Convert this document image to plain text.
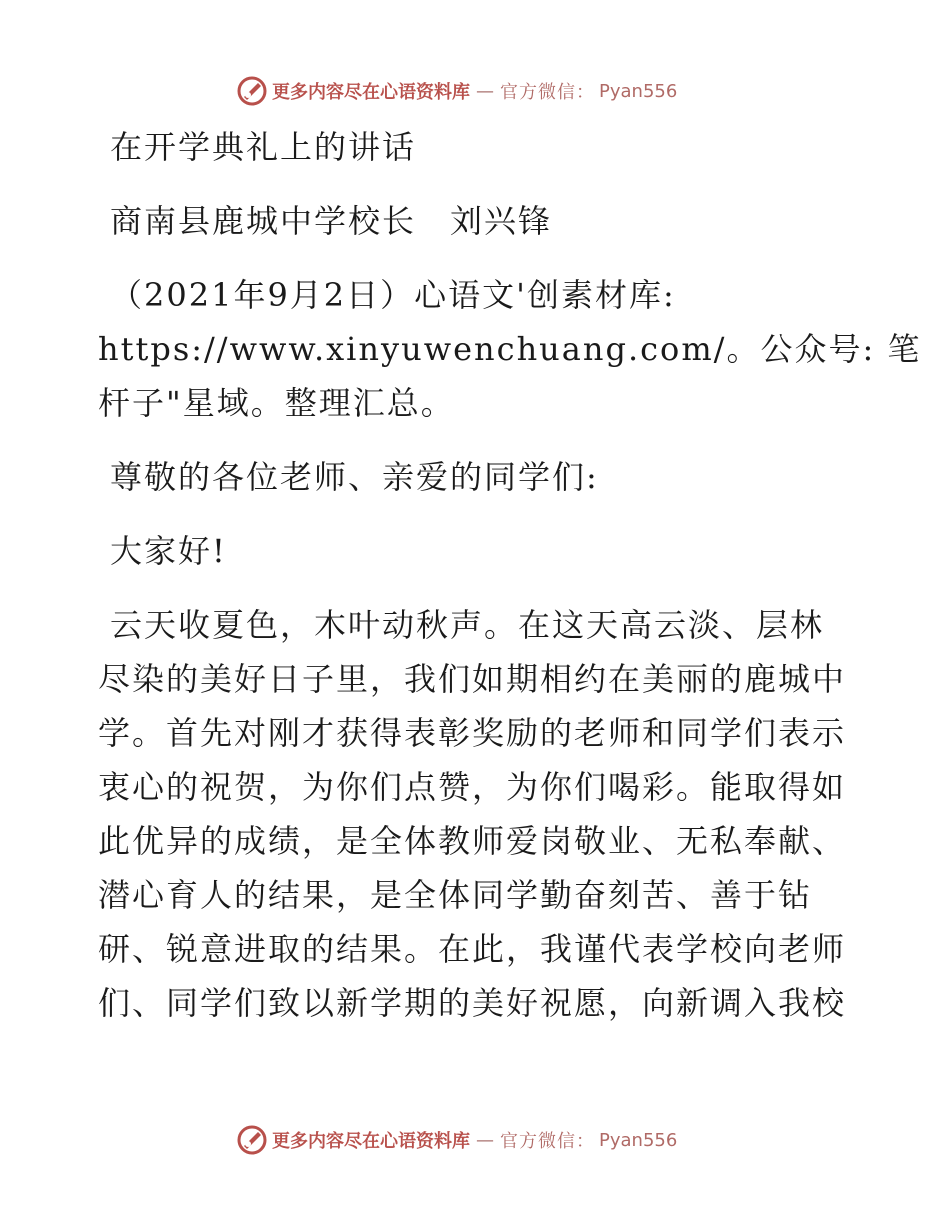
更多内容尽在心语资料库 — 官方微信： Pyan556
在开学典礼上的讲话
商南县鹿城中学校长　刘兴锋
（2021年9月2日）心语文'创素材库:
https://www.xinyuwenchuang.com/。公众号: 笔
杆子"星域。整理汇总。
尊敬的各位老师、亲爱的同学们:
大家好!
云天收夏色，木叶动秋声。在这天高云淡、层林
尽染的美好日子里，我们如期相约在美丽的鹿城中
学。首先对刚才获得表彰奖励的老师和同学们表示
衷心的祝贺，为你们点赞，为你们喝彩。能取得如
此优异的成绩，是全体教师爱岗敬业、无私奉献、
潜心育人的结果，是全体同学勤奋刻苦、善于钻
研、锐意进取的结果。在此，我谨代表学校向老师
们、同学们致以新学期的美好祝愿，向新调入我校
更多内容尽在心语资料库 — 官方微信： Pyan556
